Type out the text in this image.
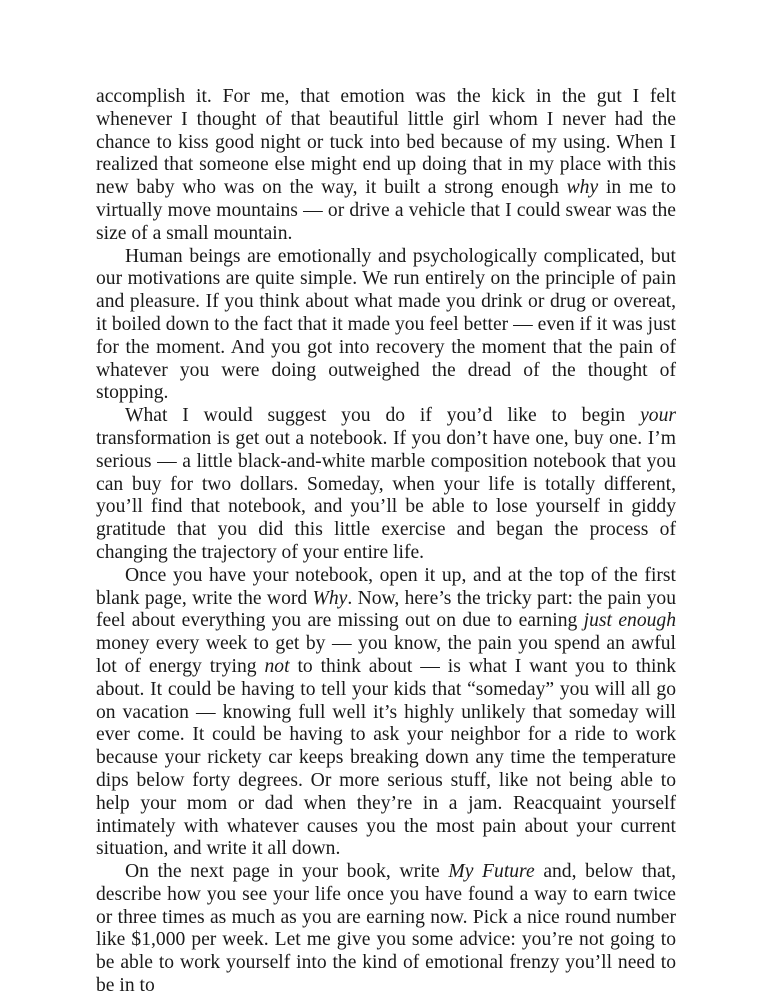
accomplish it. For me, that emotion was the kick in the gut I felt whenever I thought of that beautiful little girl whom I never had the chance to kiss good night or tuck into bed because of my using. When I realized that someone else might end up doing that in my place with this new baby who was on the way, it built a strong enough why in me to virtually move mountains — or drive a vehicle that I could swear was the size of a small mountain.

Human beings are emotionally and psychologically complicated, but our motivations are quite simple. We run entirely on the principle of pain and pleasure. If you think about what made you drink or drug or overeat, it boiled down to the fact that it made you feel better — even if it was just for the moment. And you got into recovery the moment that the pain of whatever you were doing outweighed the dread of the thought of stopping.

What I would suggest you do if you’d like to begin your transformation is get out a notebook. If you don’t have one, buy one. I’m serious — a little black-and-white marble composition notebook that you can buy for two dollars. Someday, when your life is totally different, you’ll find that notebook, and you’ll be able to lose yourself in giddy gratitude that you did this little exercise and began the process of changing the trajectory of your entire life.

Once you have your notebook, open it up, and at the top of the first blank page, write the word Why. Now, here’s the tricky part: the pain you feel about everything you are missing out on due to earning just enough money every week to get by — you know, the pain you spend an awful lot of energy trying not to think about — is what I want you to think about. It could be having to tell your kids that “someday” you will all go on vacation — knowing full well it’s highly unlikely that someday will ever come. It could be having to ask your neighbor for a ride to work because your rickety car keeps breaking down any time the temperature dips below forty degrees. Or more serious stuff, like not being able to help your mom or dad when they’re in a jam. Reacquaint yourself intimately with whatever causes you the most pain about your current situation, and write it all down.

On the next page in your book, write My Future and, below that, describe how you see your life once you have found a way to earn twice or three times as much as you are earning now. Pick a nice round number like $1,000 per week. Let me give you some advice: you’re not going to be able to work yourself into the kind of emotional frenzy you’ll need to be in to
